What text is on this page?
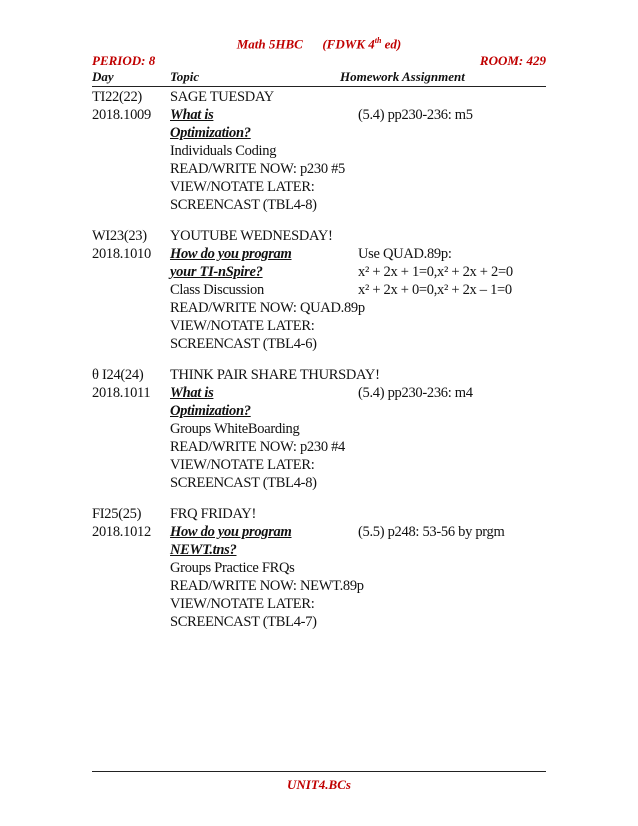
Math 5HBC (FDWK 4th ed)
PERIOD: 8	ROOM: 429
Day	Topic	Homework Assignment
TI22(22) SAGE TUESDAY
2018.1009 What is	(5.4) pp230-236: m5
Optimization?
Individuals Coding
READ/WRITE NOW: p230 #5
VIEW/NOTATE LATER:
SCREENCAST (TBL4-8)
WI23(23) YOUTUBE WEDNESDAY!
2018.1010 How do you program	Use QUAD.89p:
your TI-nSpire?	x² + 2x + 1=0,x² + 2x + 2=0
Class Discussion	x² + 2x + 0=0,x² + 2x – 1=0
READ/WRITE NOW: QUAD.89p
VIEW/NOTATE LATER:
SCREENCAST (TBL4-6)
θ I24(24) THINK PAIR SHARE THURSDAY!
2018.1011 What is	(5.4) pp230-236: m4
Optimization?
Groups WhiteBoarding
READ/WRITE NOW: p230 #4
VIEW/NOTATE LATER:
SCREENCAST (TBL4-8)
FI25(25) FRQ FRIDAY!
2018.1012 How do you program	(5.5) p248: 53-56 by prgm
NEWT.tns?
Groups Practice FRQs
READ/WRITE NOW: NEWT.89p
VIEW/NOTATE LATER:
SCREENCAST (TBL4-7)
UNIT4.BCs
